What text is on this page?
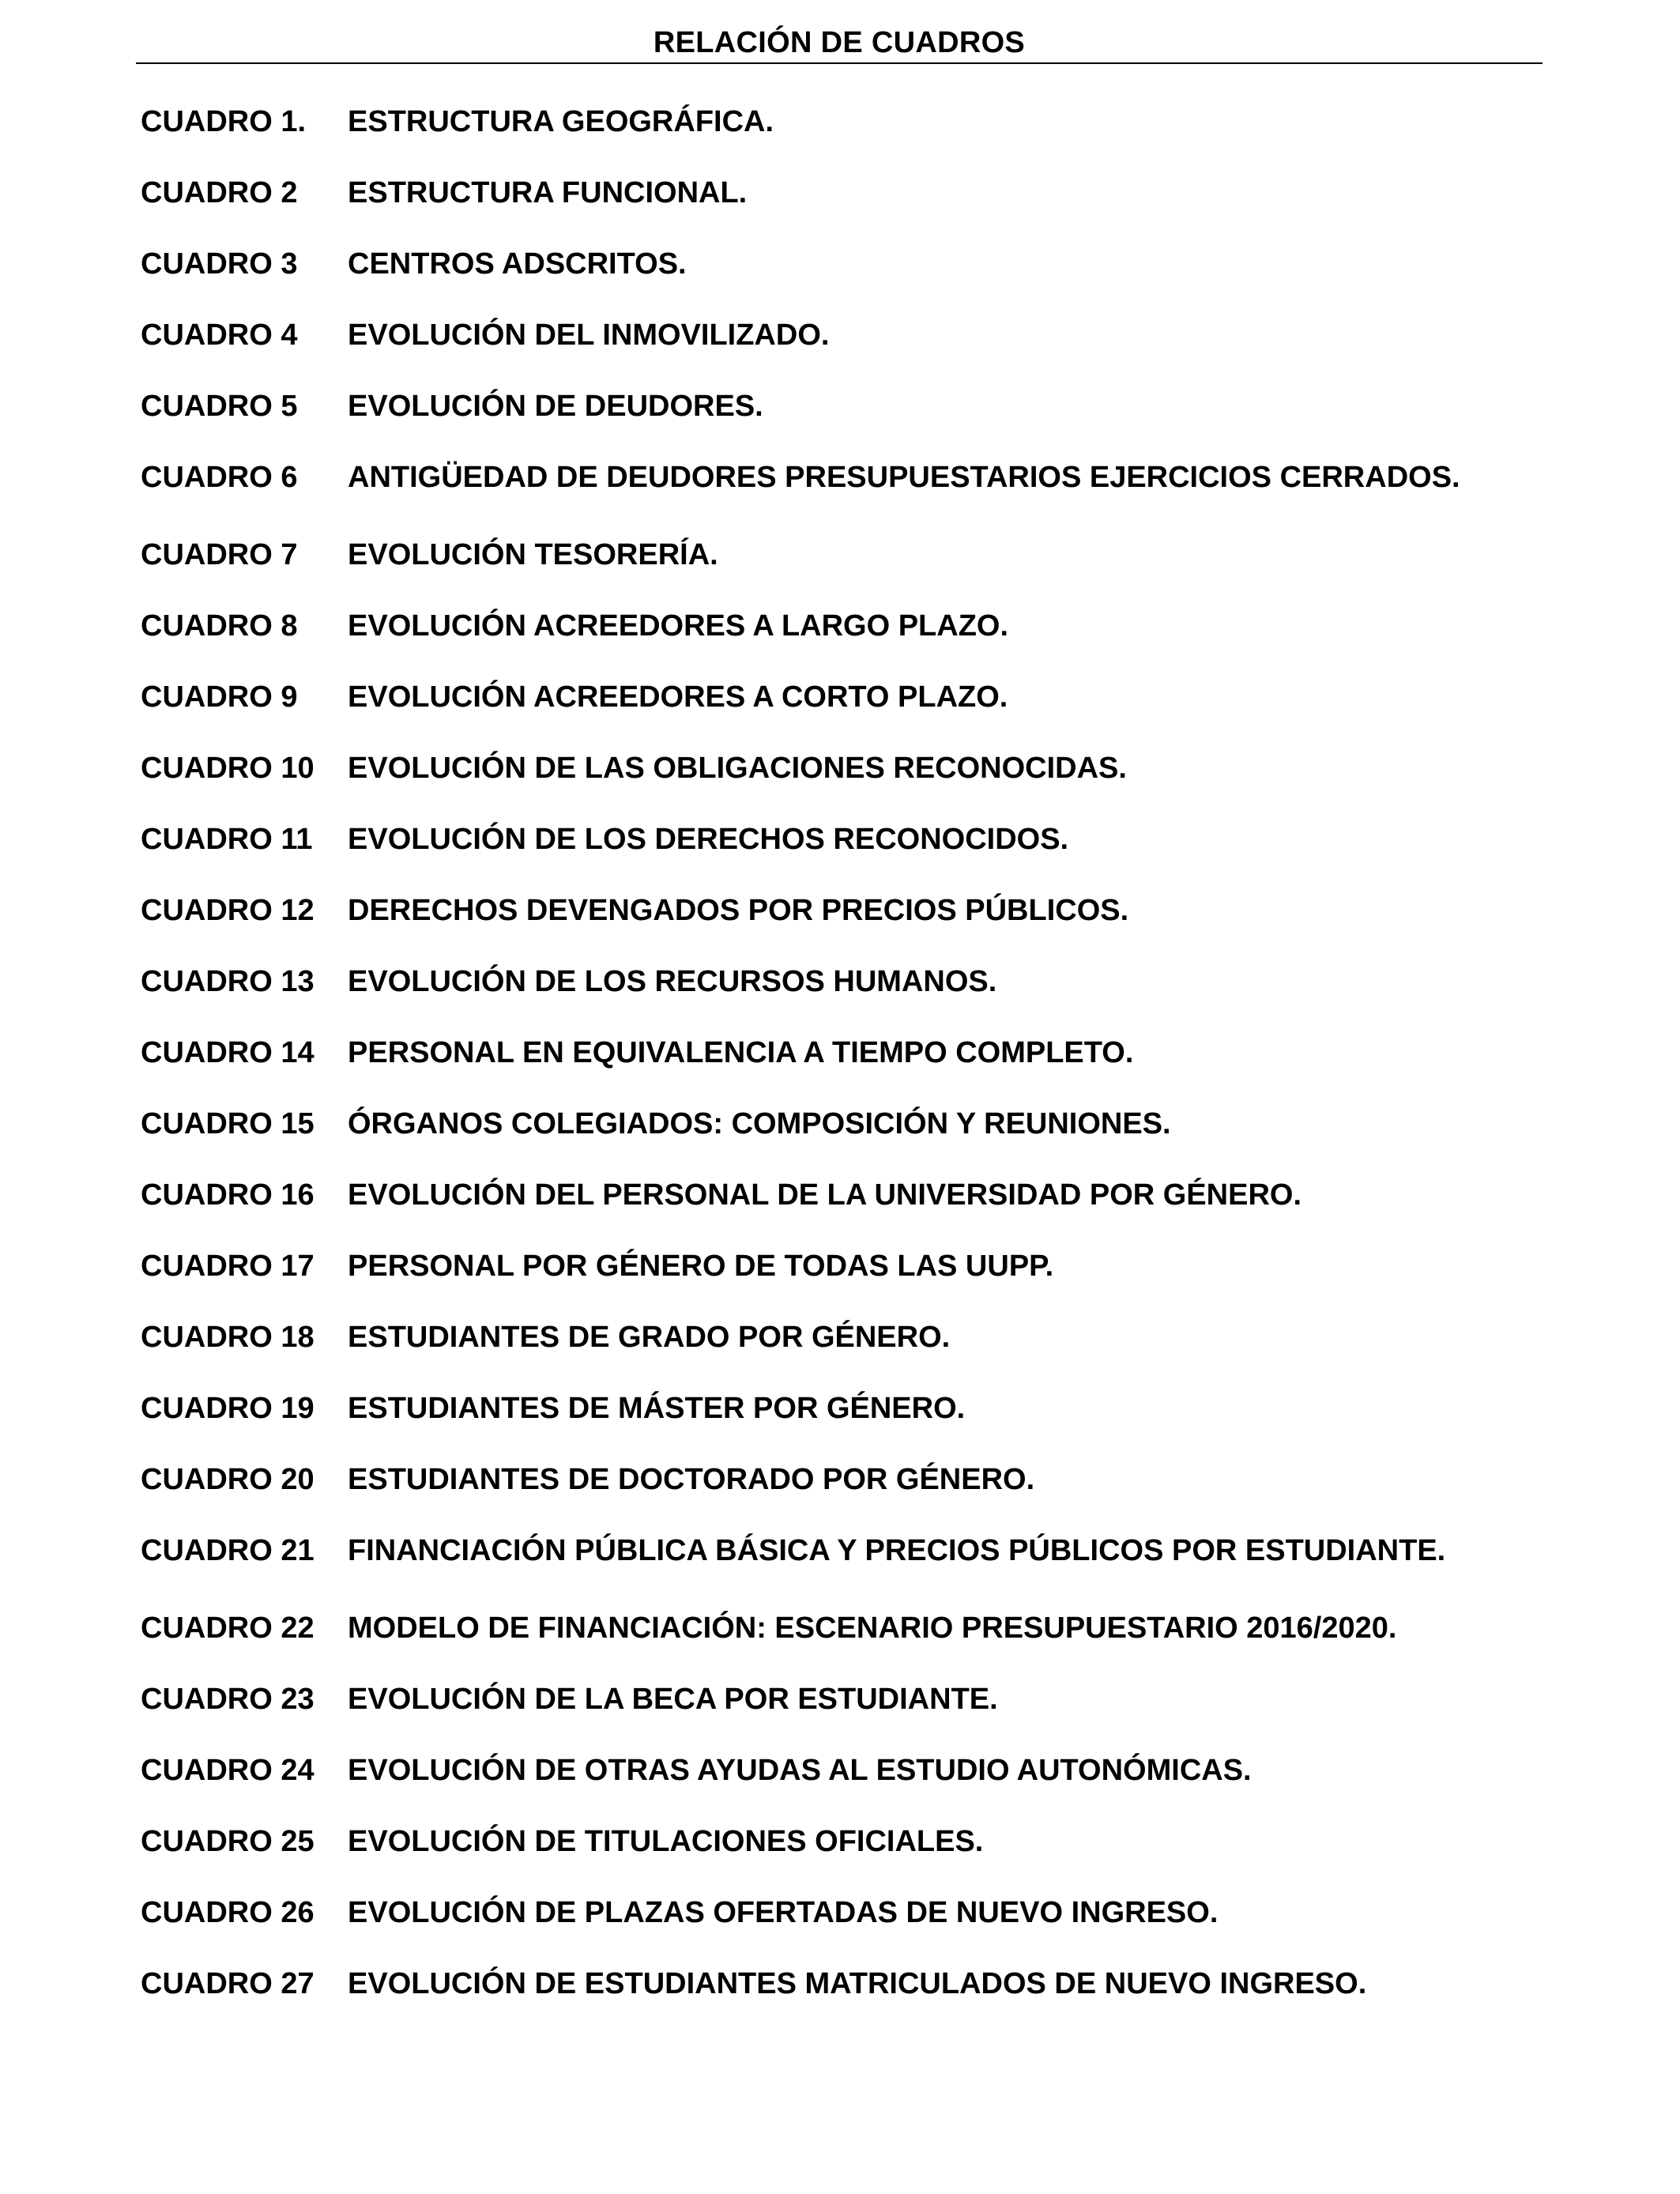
RELACIÓN DE CUADROS
CUADRO 1.	ESTRUCTURA GEOGRÁFICA.
CUADRO 2	ESTRUCTURA FUNCIONAL.
CUADRO 3	CENTROS ADSCRITOS.
CUADRO 4	EVOLUCIÓN DEL INMOVILIZADO.
CUADRO 5	EVOLUCIÓN DE DEUDORES.
CUADRO 6	ANTIGÜEDAD DE DEUDORES PRESUPUESTARIOS EJERCICIOS CERRADOS.
CUADRO 7	EVOLUCIÓN TESORERÍA.
CUADRO 8	EVOLUCIÓN ACREEDORES A LARGO PLAZO.
CUADRO 9	EVOLUCIÓN ACREEDORES A CORTO PLAZO.
CUADRO 10	EVOLUCIÓN DE LAS OBLIGACIONES RECONOCIDAS.
CUADRO 11	EVOLUCIÓN DE LOS DERECHOS RECONOCIDOS.
CUADRO 12	DERECHOS DEVENGADOS POR PRECIOS PÚBLICOS.
CUADRO 13	EVOLUCIÓN DE LOS RECURSOS HUMANOS.
CUADRO 14	PERSONAL EN EQUIVALENCIA A TIEMPO COMPLETO.
CUADRO 15	ÓRGANOS COLEGIADOS: COMPOSICIÓN Y REUNIONES.
CUADRO 16	EVOLUCIÓN DEL PERSONAL DE LA UNIVERSIDAD POR GÉNERO.
CUADRO 17	PERSONAL POR GÉNERO DE TODAS LAS UUPP.
CUADRO 18	ESTUDIANTES DE GRADO POR GÉNERO.
CUADRO 19	ESTUDIANTES DE MÁSTER POR GÉNERO.
CUADRO 20	ESTUDIANTES DE DOCTORADO POR GÉNERO.
CUADRO 21	FINANCIACIÓN PÚBLICA BÁSICA Y PRECIOS PÚBLICOS POR ESTUDIANTE.
CUADRO 22	MODELO DE FINANCIACIÓN: ESCENARIO PRESUPUESTARIO 2016/2020.
CUADRO 23	EVOLUCIÓN DE LA BECA POR ESTUDIANTE.
CUADRO 24	EVOLUCIÓN DE OTRAS AYUDAS AL ESTUDIO AUTONÓMICAS.
CUADRO 25	EVOLUCIÓN DE TITULACIONES OFICIALES.
CUADRO 26	EVOLUCIÓN DE PLAZAS OFERTADAS DE NUEVO INGRESO.
CUADRO 27	EVOLUCIÓN DE ESTUDIANTES MATRICULADOS DE NUEVO INGRESO.
